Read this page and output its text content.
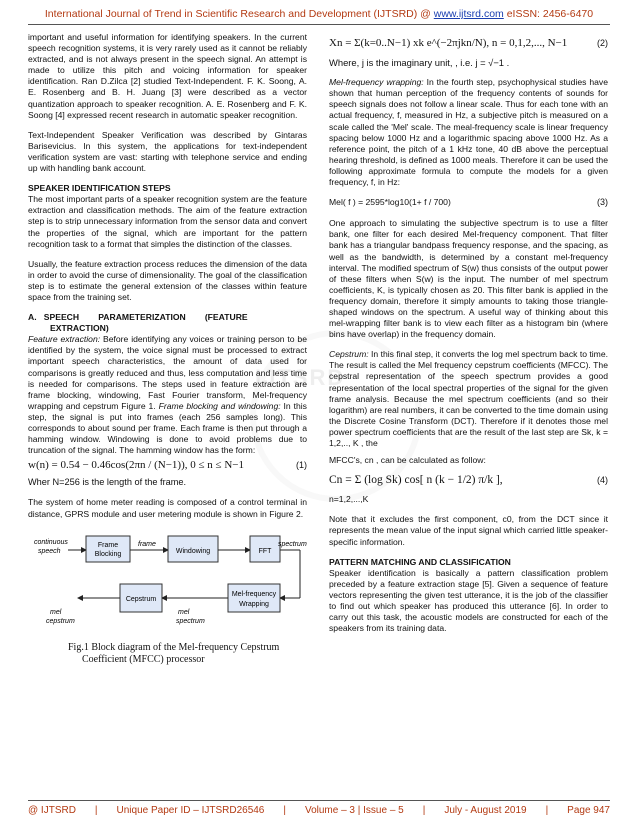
International Journal of Trend in Scientific Research and Development (IJTSRD) @ www.ijtsrd.com eISSN: 2456-6470
IJTSRD

important and useful information for identifying speakers. In the current speech recognition systems, it is very rarely used as it cannot be reliably extracted, and is not always present in the speech signal. An attempt is made to utilize this pitch and voicing information for speaker identification. Ran D.Zilca [2] studied Text-Independent. F. K. Soong, A. E. Rosenberg and B. H. Juang [3] were described as a vector quantization approach to speaker recognition. A. E. Rosenberg and F. K. Soong [4] expressed recent research in automatic speaker recognition.

Text-Independent Speaker Verification was described by Gintaras Barisevicius. In this system, the applications for text-independent verification system are vast: starting with telephone service and ending up with handling bank account.

SPEAKER IDENTIFICATION STEPS

The most important parts of a speaker recognition system are the feature extraction and classification methods. The aim of the feature extraction step is to strip unnecessary information from the sensor data and convert the properties of the signal, which are important for the pattern recognition task to a format that simples the distinction of the classes.

Usually, the feature extraction process reduces the dimension of the data in order to avoid the curse of dimensionality. The goal of the classification step is to estimate the general extension of the classes within feature space from the training set.

A.   SPEECH        PARAMETERIZATION        (FEATURE
EXTRACTION)

Feature extraction: Before identifying any voices or training person to be identified by the system, the voice signal must be processed to extract important speech characteristics, the amount of data used for comparisons is greatly reduced and thus, less computation and less time is needed for comparisons. The steps used in feature extraction are frame blocking, windowing, Fast Fourier transform, Mel-frequency wrapping and cepstrum Figure 1. Frame blocking and windowing: In this step, the signal is put into frames (each 256 samples long). This corresponds to about sound per frame. Each frame is then put through a hamming window. Windowing is done to avoid problems due to truncation of the signal. The hamming window has the form:

w(n) = 0.54 − 0.46cos(2πn / (N−1)), 0 ≤ n ≤ N−1	(1)

Wher N=256 is the length of the frame.

The system of home meter reading is composed of a control terminal in distance, GPRS module and user metering module is shown in Figure 2.

continuous
speech
Frame
Blocking
frame
Windowing	FFT
spectrum
Mel-frequency
Wrapping
mel
spectrum
Cepstrum
mel
cepstrum
Fig.1 Block diagram of the Mel-frequency Cepstrum
Coefficient (MFCC) processor
Xn = Σ(k=0..N−1) xk e^(−2πjkn/N), n = 0,1,2,..., N−1	(2)

Where, j is the imaginary unit, , i.e. j = √−1 .

Mel-frequency wrapping: In the fourth step, psychophysical studies have shown that human perception of the frequency contents of sounds for speech signals does not follow a linear scale. Thus for each tone with an actual frequency, f, measured in Hz, a subjective pitch is measured on a scale called the 'Mel' scale. The meal-frequency scale is linear frequency spacing below 1000 Hz and a logarithmic spacing above 1000 Hz. As a reference point, the pitch of a 1 kHz tone, 40 dB above the perceptual hearing threshold, is defined as 1000 meals. Therefore it can be used the following approximate formula to compute the models for a given frequency, f, in Hz:

Mel( f ) = 2595*log10(1+ f / 700)	(3)

One approach to simulating the subjective spectrum is to use a filter bank, one filter for each desired Mel-frequency component. That filter bank has a triangular bandpass frequency response, and the spacing, as well as the bandwidth, is determined by a constant mel-frequency interval. The modified spectrum of S(w) thus consists of the output power of these filters when S(w) is the input. The number of mel spectrum coefficients, K, is typically chosen as 20. This filter bank is applied in the frequency domain, therefore it simply amounts to taking those triangle-shaped windows on the spectrum. A useful way of thinking about this mel-wrapping filter bank is to view each filter as a histogram bin (where bins have overlap) in the frequency domain.

Cepstrum: In this final step, it converts the log mel spectrum back to time. The result is called the Mel frequency cepstrum coefficients (MFCC). The cepstral representation of the speech spectrum provides a good representation of the local spectral properties of the signal for the given frame analysis. Because the mel spectrum coefficients (and so their logarithm) are real numbers, it can be converted to the time domain using the Discrete Cosine Transform (DCT). Therefore if it denotes those mel power spectrum coefficients that are the result of the last step are Sk, k = 1,2,.., K , the

MFCC's, cn , can be calculated as follow:

Cn = Σ (log Sk) cos[ n (k − 1/2) π/k ],	(4)

n=1,2,...,K

Note that it excludes the first component, c0, from the DCT since it represents the mean value of the input signal which carried little speaker-specific information.

PATTERN MATCHING AND CLASSIFICATION

Speaker identification is basically a pattern classification problem preceded by a feature extraction stage [5]. Given a sequence of feature vectors representing the given test utterance, it is the job of the classifier to find out which speaker has produced this utterance [6]. In order to carry out this task, the acoustic models are constructed for each of the speakers from its training data.

@ IJTSRD | Unique Paper ID – IJTSRD26546 | Volume – 3 | Issue – 5 | July - August 2019 | Page 947
